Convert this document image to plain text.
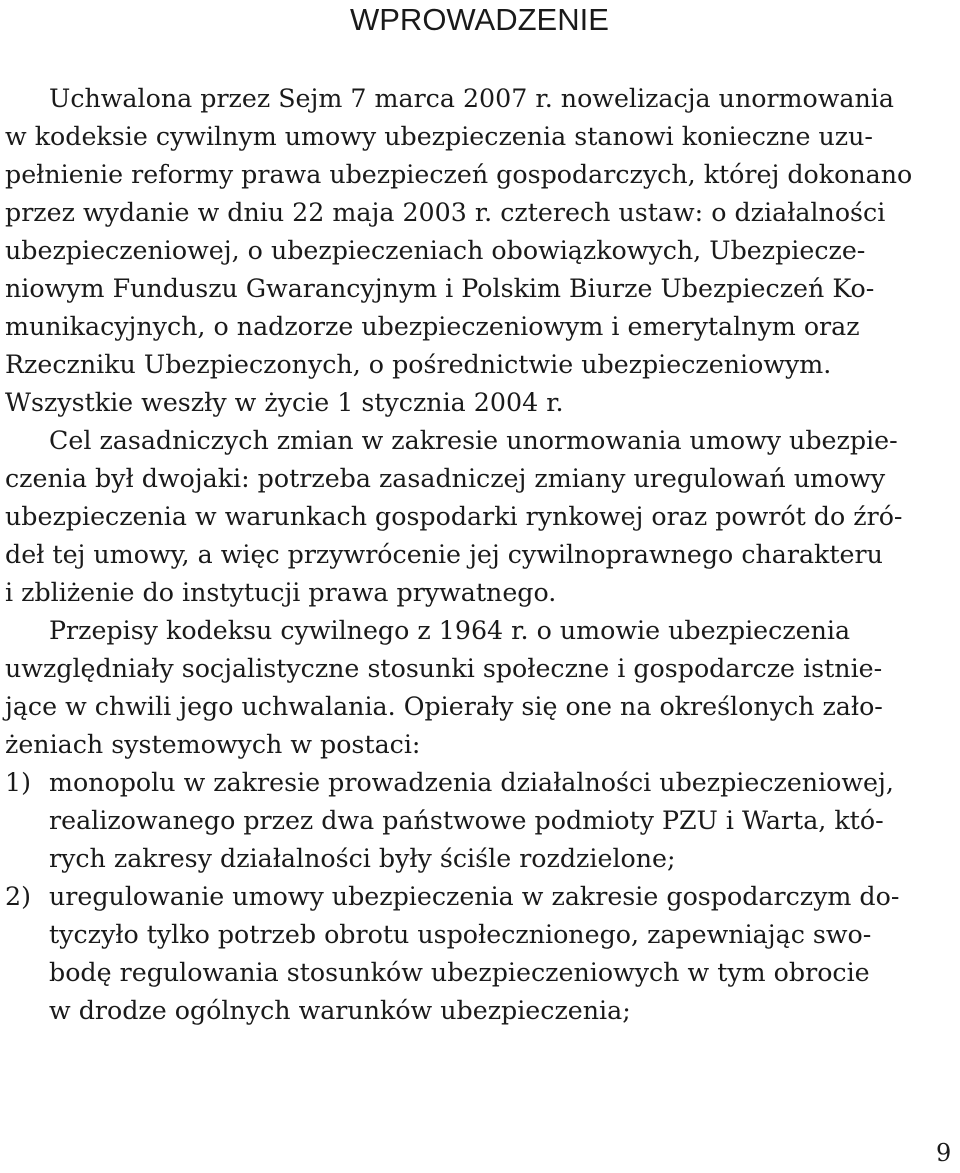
WPROWADZENIE

Uchwalona przez Sejm 7 marca 2007 r. nowelizacja unormowania
w kodeksie cywilnym umowy ubezpieczenia stanowi konieczne uzu-
pełnienie reformy prawa ubezpieczeń gospodarczych, której dokonano
przez wydanie w dniu 22 maja 2003 r. czterech ustaw: o działalności
ubezpieczeniowej, o ubezpieczeniach obowiązkowych, Ubezpiecze-
niowym Funduszu Gwarancyjnym i Polskim Biurze Ubezpieczeń Ko-
munikacyjnych, o nadzorze ubezpieczeniowym i emerytalnym oraz
Rzeczniku Ubezpieczonych, o pośrednictwie ubezpieczeniowym.
Wszystkie weszły w życie 1 stycznia 2004 r.

Cel zasadniczych zmian w zakresie unormowania umowy ubezpie-
czenia był dwojaki: potrzeba zasadniczej zmiany uregulowań umowy
ubezpieczenia w warunkach gospodarki rynkowej oraz powrót do źró-
deł tej umowy, a więc przywrócenie jej cywilnoprawnego charakteru
i zbliżenie do instytucji prawa prywatnego.

Przepisy kodeksu cywilnego z 1964 r. o umowie ubezpieczenia
uwzględniały socjalistyczne stosunki społeczne i gospodarcze istnie-
jące w chwili jego uchwalania. Opierały się one na określonych zało-
żeniach systemowych w postaci:

1) monopolu w zakresie prowadzenia działalności ubezpieczeniowej,
realizowanego przez dwa państwowe podmioty PZU i Warta, któ-
rych zakresy działalności były ściśle rozdzielone;
2) uregulowanie umowy ubezpieczenia w zakresie gospodarczym do-
tyczyło tylko potrzeb obrotu uspołecznionego, zapewniając swo-
bodę regulowania stosunków ubezpieczeniowych w tym obrocie
w drodze ogólnych warunków ubezpieczenia;
9
